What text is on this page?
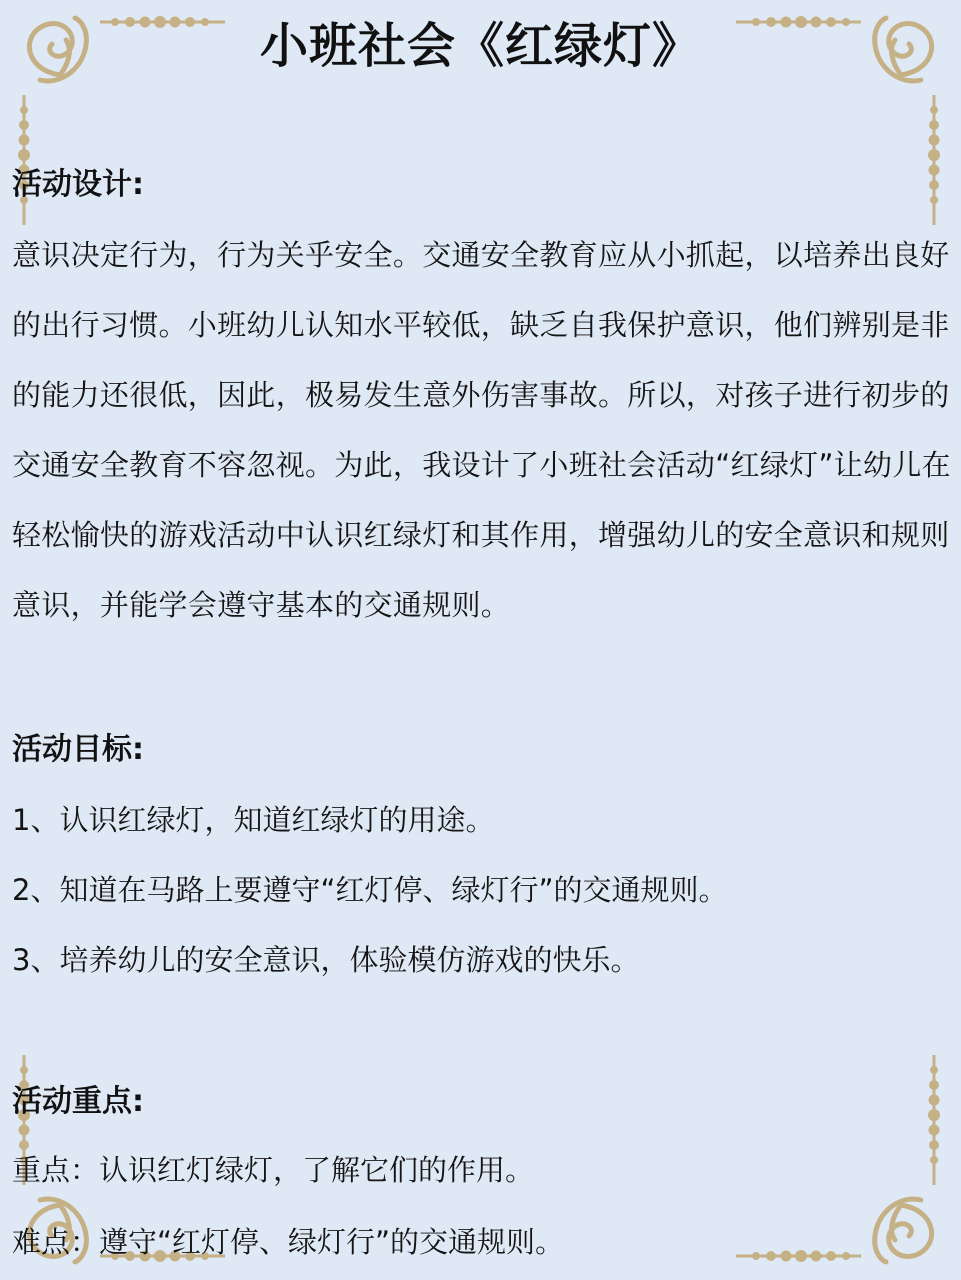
小班社会《红绿灯》
活动设计:
意识决定行为，行为关乎安全。交通安全教育应从小抓起，以培养出良好的出行习惯。小班幼儿认知水平较低，缺乏自我保护意识，他们辨别是非的能力还很低，因此，极易发生意外伤害事故。所以，对孩子进行初步的交通安全教育不容忽视。为此，我设计了小班社会活动“红绿灯”让幼儿在轻松愉快的游戏活动中认识红绿灯和其作用，增强幼儿的安全意识和规则意识，并能学会遵守基本的交通规则。
活动目标:
1、认识红绿灯，知道红绿灯的用途。
2、知道在马路上要遵守“红灯停、绿灯行”的交通规则。
3、培养幼儿的安全意识，体验模仿游戏的快乐。
活动重点:
重点：认识红灯绿灯，了解它们的作用。
难点：遵守“红灯停、绿灯行”的交通规则。
